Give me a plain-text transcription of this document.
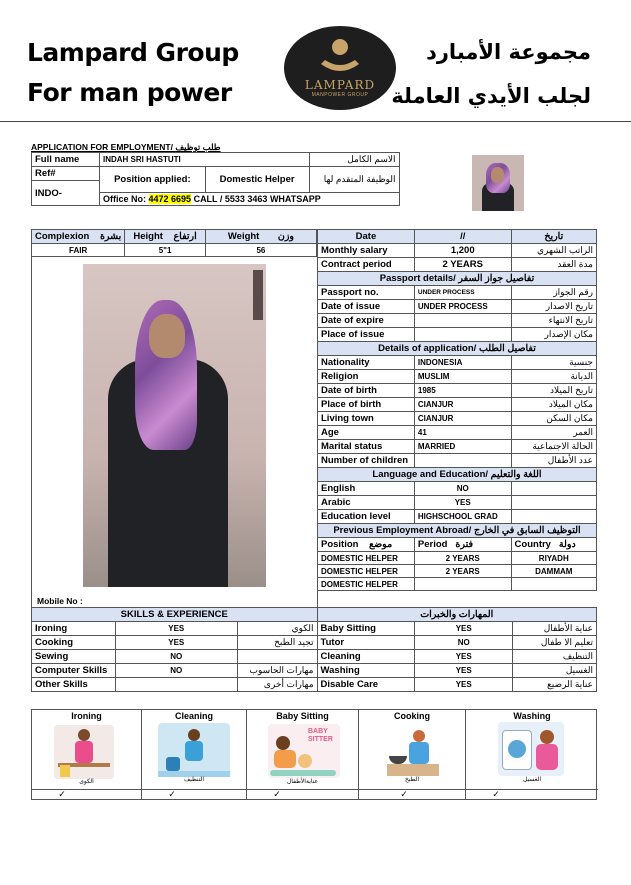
Lampard Group
For man power
مجموعة الأمبارد
لجلب الأيدي العاملة
LAMPARD
MANPOWER GROUP
APPLICATION FOR EMPLOYMENT/ طلب توظيف
Full name	INDAH SRI HASTUTI		الاسم الكامل	
Ref#	Position applied:	Domestic Helper	الوظيفة المتقدم لها	
INDO-				
	Office No: 4472 6695 CALL / 5533 3463 WHATSAPP			
Date	//	تاريخ
Monthly salary	1,200	الراتب الشهري
Contract period	2 YEARS	مدة العقد
Passport details/ تفاصيل جواز السفر		
Passport no.	UNDER PROCESS	رقم الجواز
Date of issue	UNDER PROCESS	تاريخ الاصدار
Date of expire		تاريخ الانتهاء
Place of issue		مكان الإصدار
Details of application/ تفاصيل الطلب		
Nationality	INDONESIA	جنسية
Religion	MUSLIM	الديانة
Date of birth	1985	تاريخ الميلاد
Place of birth	CIANJUR	مكان الميلاد
Living town	CIANJUR	مكان السكن
Age	41	العمر
Marital status	MARRIED	الحالة الاجتماعية
Number of children		عدد الأطفال
Language and Education/ اللغة والتعليم		
English	NO	
Arabic	YES	
Education level	HIGHSCHOOL GRAD	
Previous Employment Abroad/ التوظيف السابق في الخارج		
Position موضع	Period فترة	Country دولة
DOMESTIC HELPER	2 YEARS	RIYADH
DOMESTIC HELPER	2 YEARS	DAMMAM
DOMESTIC HELPER		
Complexion بشرة	Height ارتفاع	Weight وزن
FAIR	5"1	56
Mobile No :
SKILLS & EXPERIENCE			المهارات والخبرات		
Ironing	YES	الكوي	Baby Sitting	YES	عناية الأطفال
Cooking	YES	تجيد الطبخ	Tutor	NO	تعليم الا طفال
Sewing	NO		Cleaning	YES	التنظيف
Computer Skills	NO	مهارات الحاسوب	Washing	YES	الغسيل
Other Skills		مهارات أخرى	Disable Care	YES	عناية الرضيع
Ironing
الكوى
✓
Cleaning
التنظيف
✓
Baby Sitting
BABY SITTER
عنايةالأطفال
✓
Cooking
الطبخ
✓
Washing
الغسيل
✓
